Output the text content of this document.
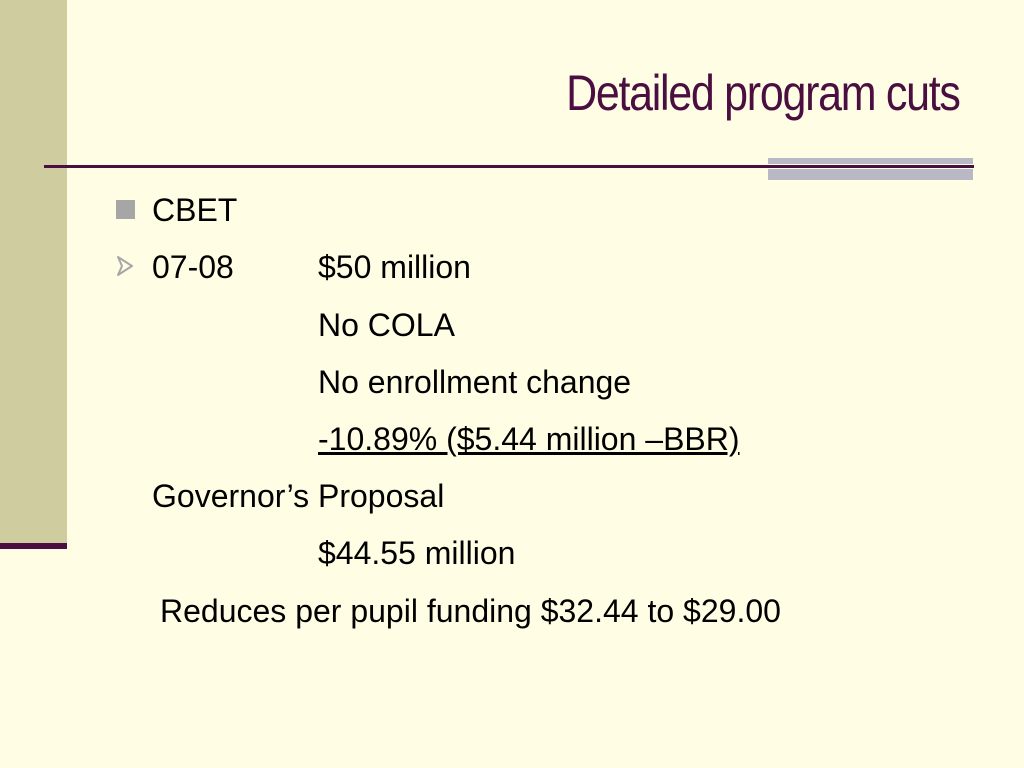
Detailed program cuts
CBET
07-08	$50 million
No COLA
No enrollment change
-10.89% ($5.44 million –BBR)
Governor’s Proposal
$44.55 million
Reduces per pupil funding $32.44 to $29.00
